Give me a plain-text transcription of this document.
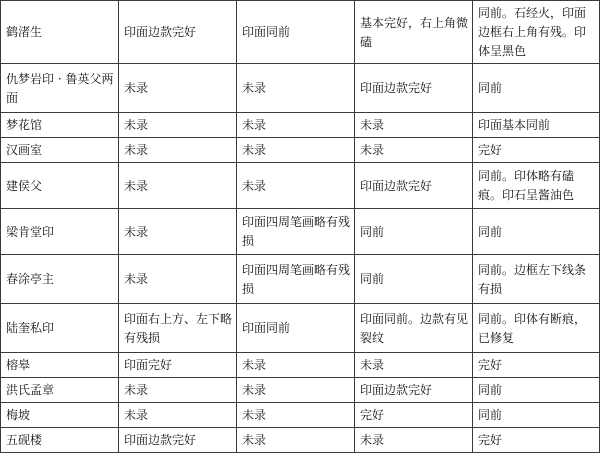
鹤渚生	印面边款完好	印面同前	基本完好，右上角微磕	同前。石经火，印面边框右上角有残。印体呈黑色
仇梦岩印 · 鲁英父两面	未录	未录	印面边款完好	同前
梦花馆	未录	未录	未录	印面基本同前
汉画室	未录	未录	未录	完好
建侯父	未录	未录	印面边款完好	同前。印体略有磕痕。印石呈酱油色
梁肯堂印	未录	印面四周笔画略有残损	同前	同前
春涂亭主	未录	印面四周笔画略有残损	同前	同前。边框左下线条有损
陆奎私印	印面右上方、左下略有残损	印面同前	印面同前。边款有见裂纹	同前。印体有断痕，已修复
榕皋	印面完好	未录	未录	完好
洪氏孟章	未录	未录	印面边款完好	同前
梅坡	未录	未录	完好	同前
五砚楼	印面边款完好	未录	未录	完好
